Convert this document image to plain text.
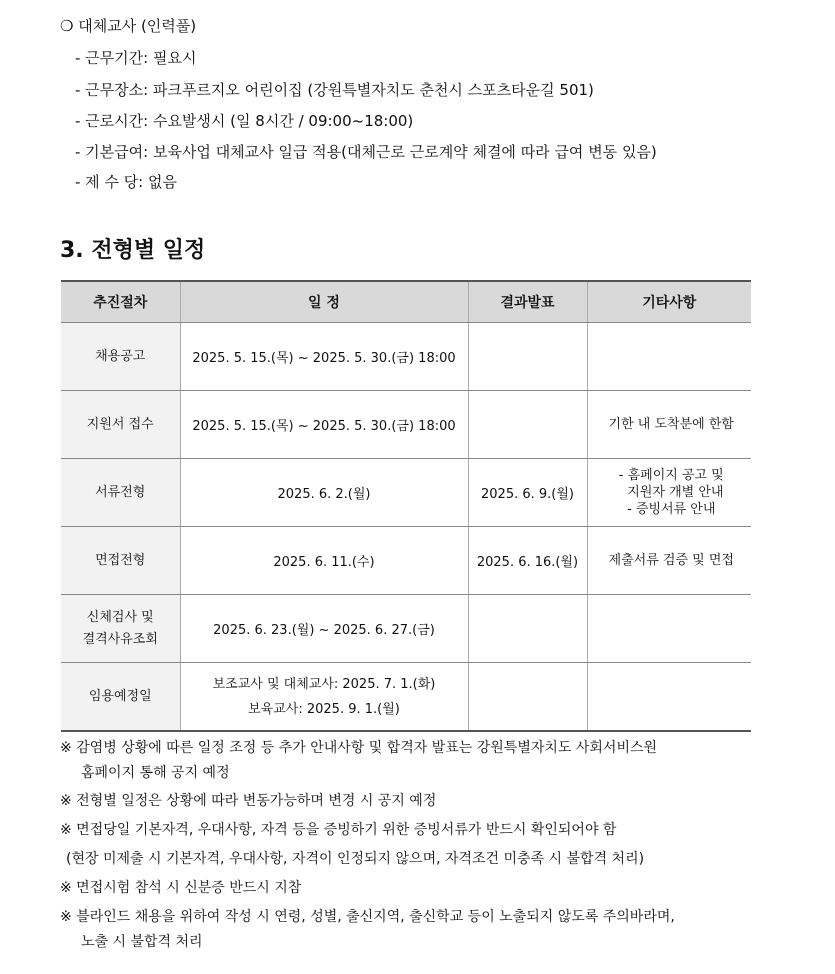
❍ 대체교사 (인력풀)
- 근무기간: 필요시
- 근무장소: 파크푸르지오 어린이집 (강원특별자치도 춘천시 스포츠타운길 501)
- 근로시간: 수요발생시 (일 8시간 / 09:00~18:00)
- 기본급여: 보육사업 대체교사 일급 적용(대체근로 근로계약 체결에 따라 급여 변동 있음)
- 제 수 당: 없음
3. 전형별 일정
추진절차	일 정	결과발표	기타사항
채용공고	2025. 5. 15.(목) ~ 2025. 5. 30.(금) 18:00		
지원서 접수	2025. 5. 15.(목) ~ 2025. 5. 30.(금) 18:00		기한 내 도착분에 한함
서류전형	2025. 6. 2.(월)	2025. 6. 9.(월)	- 홈페이지 공고 및
지원자 개별 안내
- 증빙서류 안내
면접전형	2025. 6. 11.(수)	2025. 6. 16.(월)	제출서류 검증 및 면접
신체검사 및
결격사유조회	2025. 6. 23.(월) ~ 2025. 6. 27.(금)		
임용예정일	보조교사 및 대체교사: 2025. 7. 1.(화)
보육교사: 2025. 9. 1.(월)		
※ 감염병 상황에 따른 일정 조정 등 추가 안내사항 및 합격자 발표는 강원특별자치도 사회서비스원
홈페이지 통해 공지 예정
※ 전형별 일정은 상황에 따라 변동가능하며 변경 시 공지 예정
※ 면접당일 기본자격, 우대사항, 자격 등을 증빙하기 위한 증빙서류가 반드시 확인되어야 함
(현장 미제출 시 기본자격, 우대사항, 자격이 인정되지 않으며, 자격조건 미충족 시 불합격 처리)
※ 면접시험 참석 시 신분증 반드시 지참
※ 블라인드 채용을 위하여 작성 시 연령, 성별, 출신지역, 출신학교 등이 노출되지 않도록 주의바라며,
노출 시 불합격 처리
